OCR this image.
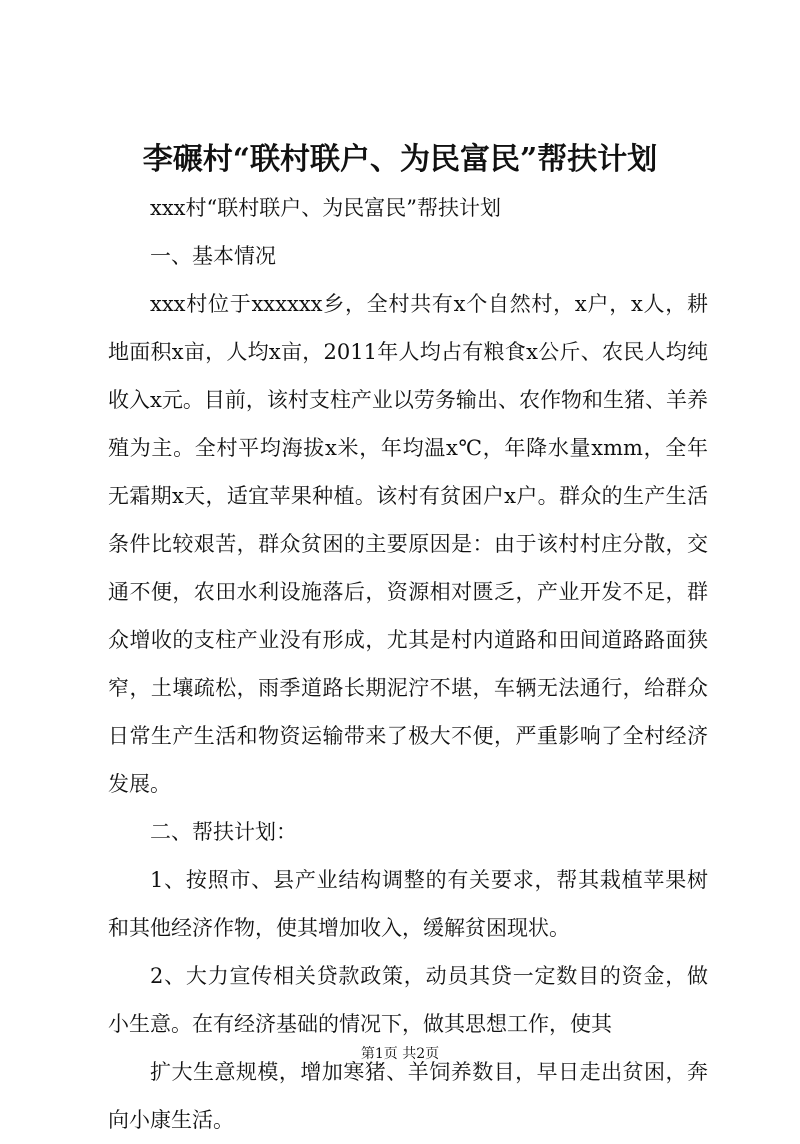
李碾村“联村联户、为民富民”帮扶计划

xxx村“联村联户、为民富民”帮扶计划

一、基本情况

xxx村位于xxxxxx乡，全村共有x个自然村，x户，x人，耕地面积x亩，人均x亩，2011年人均占有粮食x公斤、农民人均纯收入x元。目前，该村支柱产业以劳务输出、农作物和生猪、羊养殖为主。全村平均海拔x米，年均温x℃，年降水量xmm，全年无霜期x天，适宜苹果种植。该村有贫困户x户。群众的生产生活条件比较艰苦，群众贫困的主要原因是：由于该村村庄分散，交通不便，农田水利设施落后，资源相对匮乏，产业开发不足，群众增收的支柱产业没有形成，尤其是村内道路和田间道路路面狭窄，土壤疏松，雨季道路长期泥泞不堪，车辆无法通行，给群众日常生产生活和物资运输带来了极大不便，严重影响了全村经济发展。

二、帮扶计划：

1、按照市、县产业结构调整的有关要求，帮其栽植苹果树和其他经济作物，使其增加收入，缓解贫困现状。

2、大力宣传相关贷款政策，动员其贷一定数目的资金，做小生意。在有经济基础的情况下，做其思想工作，使其

扩大生意规模，增加寒猪、羊饲养数目，早日走出贫困，奔向小康生活。

第1页 共2页
